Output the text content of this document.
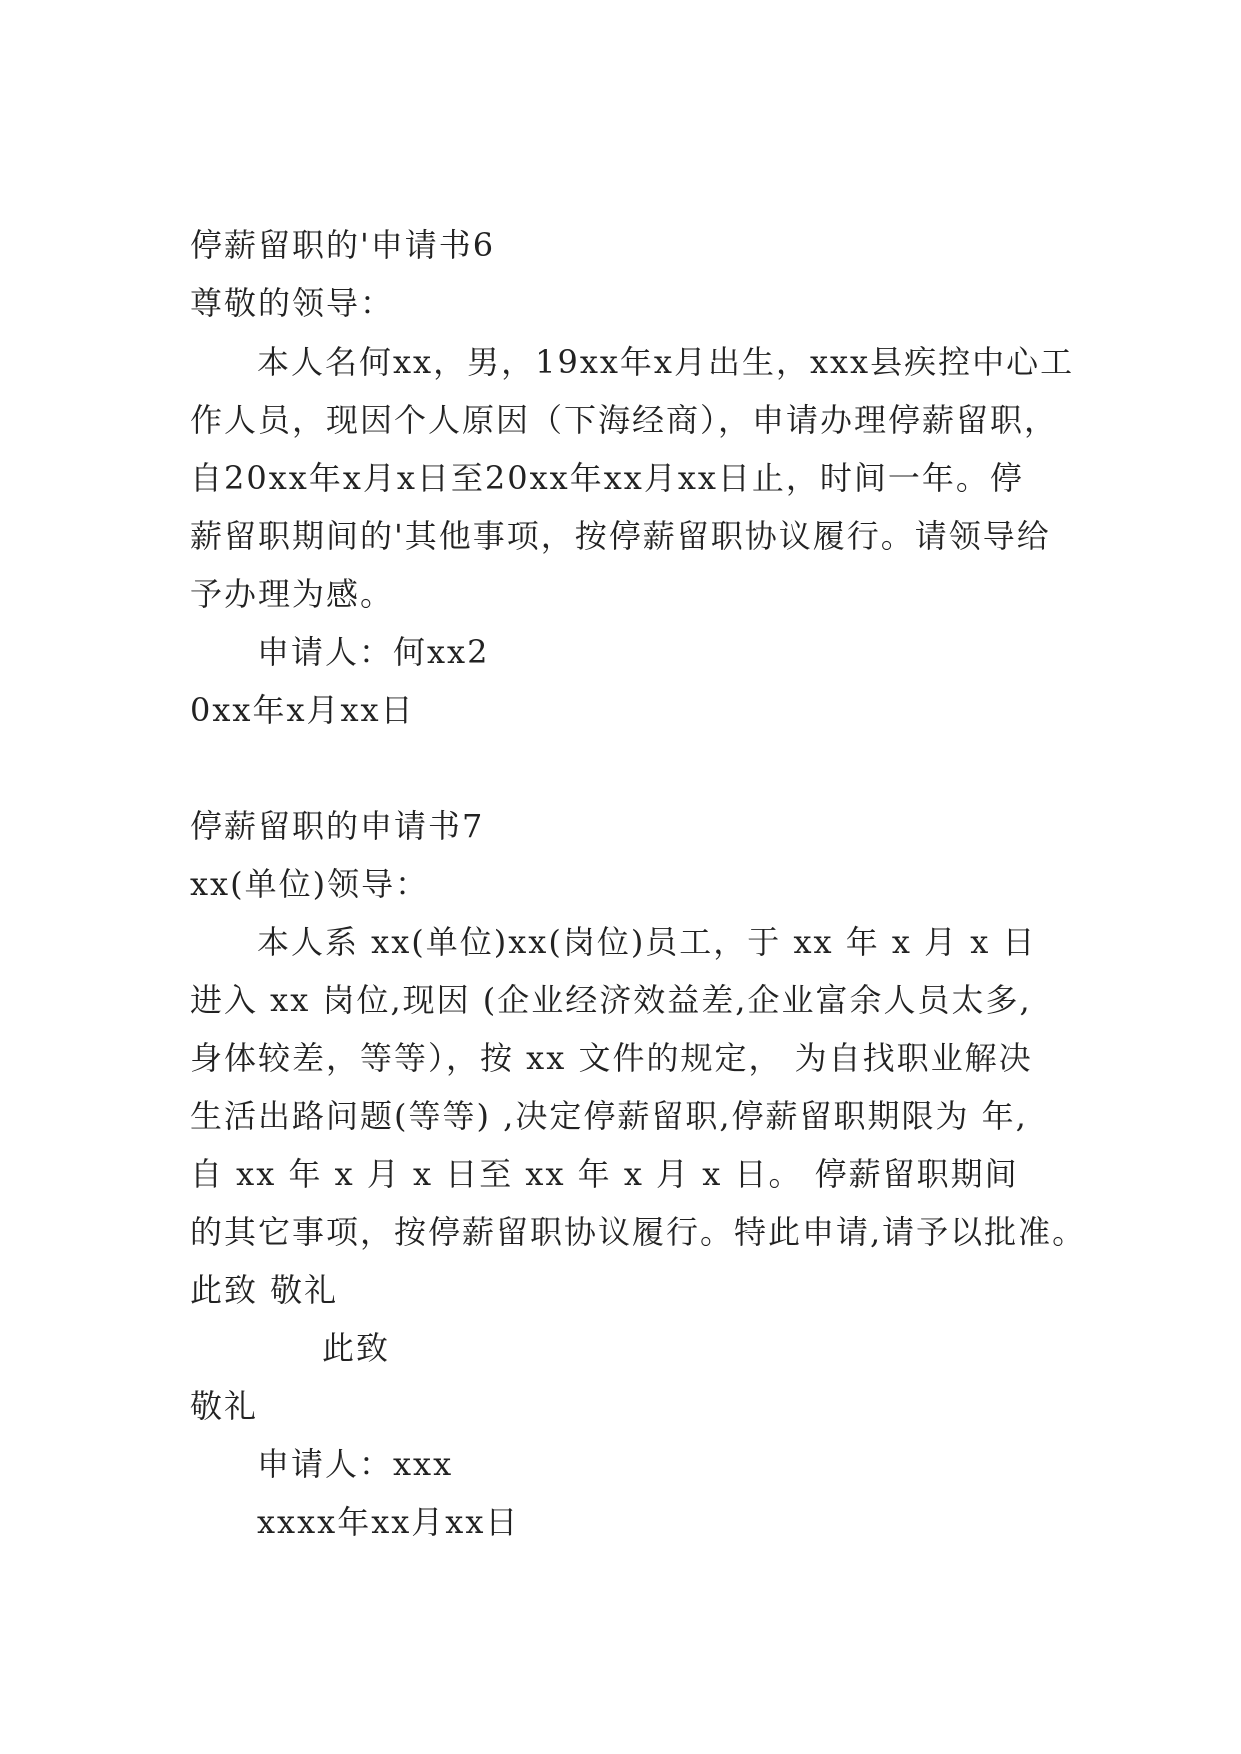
停薪留职的'申请书6

尊敬的领导：

本人名何xx，男，19xx年x月出生，xxx县疾控中心工

作人员，现因个人原因（下海经商），申请办理停薪留职，

自20xx年x月x日至20xx年xx月xx日止，时间一年。停

薪留职期间的'其他事项，按停薪留职协议履行。请领导给

予办理为感。

申请人：何xx2

0xx年x月xx日

停薪留职的申请书7

xx(单位)领导：

本人系 xx(单位)xx(岗位)员工，于 xx 年 x 月 x 日

进入 xx 岗位,现因 (企业经济效益差,企业富余人员太多,

身体较差，等等），按 xx 文件的规定， 为自找职业解决

生活出路问题(等等) ,决定停薪留职,停薪留职期限为 年,

自 xx 年 x 月 x 日至 xx 年 x 月 x 日。 停薪留职期间

的其它事项，按停薪留职协议履行。特此申请,请予以批准。

此致 敬礼

此致

敬礼

申请人：xxx

xxxx年xx月xx日
